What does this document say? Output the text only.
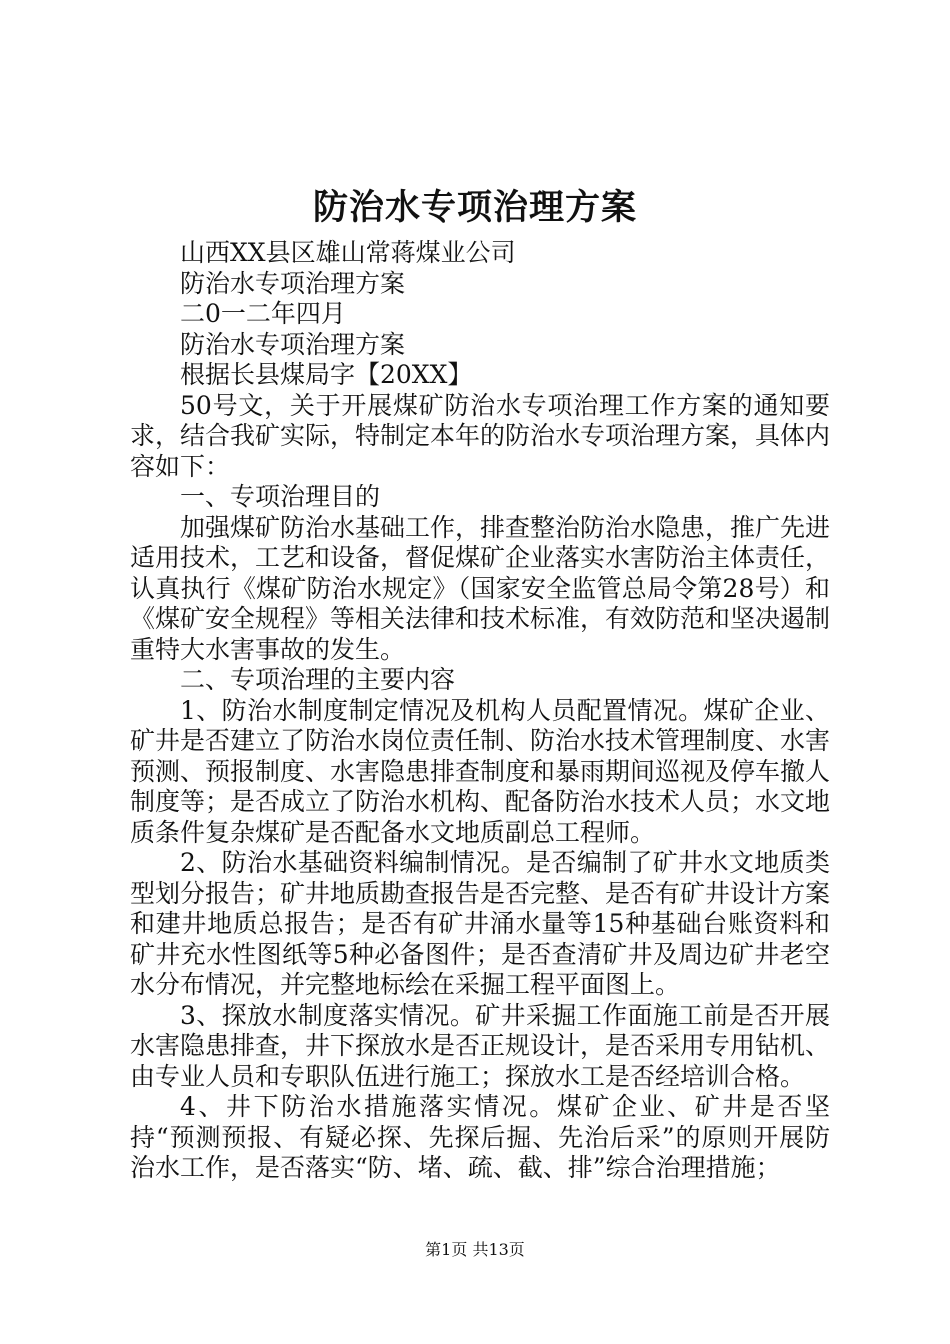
防治水专项治理方案

山西XX县区雄山常蒋煤业公司

防治水专项治理方案

二0一二年四月

防治水专项治理方案

根据长县煤局字【20XX】

50号文，关于开展煤矿防治水专项治理工作方案的通知要求，结合我矿实际，特制定本年的防治水专项治理方案，具体内容如下：

一、专项治理目的

加强煤矿防治水基础工作，排查整治防治水隐患，推广先进适用技术，工艺和设备，督促煤矿企业落实水害防治主体责任，认真执行《煤矿防治水规定》（国家安全监管总局令第28号）和《煤矿安全规程》等相关法律和技术标准，有效防范和坚决遏制重特大水害事故的发生。

二、专项治理的主要内容

1、防治水制度制定情况及机构人员配置情况。煤矿企业、矿井是否建立了防治水岗位责任制、防治水技术管理制度、水害预测、预报制度、水害隐患排查制度和暴雨期间巡视及停车撤人制度等；是否成立了防治水机构、配备防治水技术人员；水文地质条件复杂煤矿是否配备水文地质副总工程师。

2、防治水基础资料编制情况。是否编制了矿井水文地质类型划分报告；矿井地质勘查报告是否完整、是否有矿井设计方案和建井地质总报告；是否有矿井涌水量等15种基础台账资料和矿井充水性图纸等5种必备图件；是否查清矿井及周边矿井老空水分布情况，并完整地标绘在采掘工程平面图上。

3、探放水制度落实情况。矿井采掘工作面施工前是否开展水害隐患排查，井下探放水是否正规设计，是否采用专用钻机、由专业人员和专职队伍进行施工；探放水工是否经培训合格。

4、井下防治水措施落实情况。煤矿企业、矿井是否坚持“预测预报、有疑必探、先探后掘、先治后采”的原则开展防治水工作，是否落实“防、堵、疏、截、排”综合治理措施；

第1页 共13页
